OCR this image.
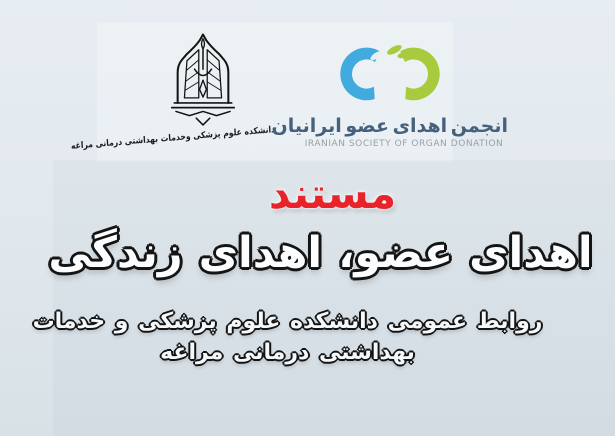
دانشکده علوم پزشکی وخدمات بهداشتی درمانی مراغه
انجمن اهدای عضو ایرانیان
IRANIAN SOCIETY OF ORGAN DONATION
مستند
اهدای عضو، اهدای زندگی
روابط عمومی دانشکده علوم پزشکی و خدمات بهداشتی درمانی مراغه
